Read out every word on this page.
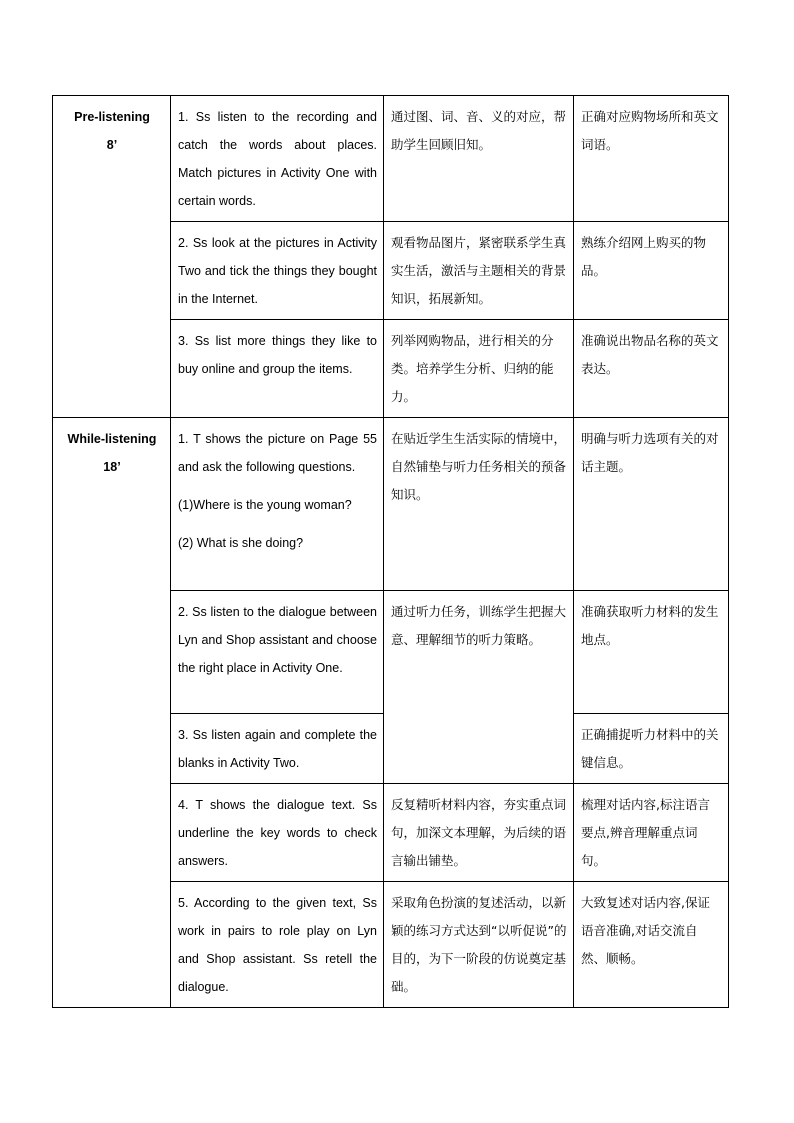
Pre-listening
8’	1. Ss listen to the recording and catch the words about places. Match pictures in Activity One with certain words.	通过图、词、音、义的对应，帮助学生回顾旧知。	正确对应购物场所和英文词语。
	2. Ss look at the pictures in Activity Two and tick the things they bought in the Internet.	观看物品图片，紧密联系学生真实生活，激活与主题相关的背景知识，拓展新知。	熟练介绍网上购买的物品。
	3. Ss list more things they like to buy online and group the items.	列举网购物品，进行相关的分类。培养学生分析、归纳的能力。	准确说出物品名称的英文表达。

While-listening
18’	1. T shows the picture on Page 55 and ask the following questions.
(1)Where is the young woman?
(2) What is she doing?	在贴近学生生活实际的情境中，自然铺垫与听力任务相关的预备知识。	明确与听力选项有关的对话主题。
	2. Ss listen to the dialogue between Lyn and Shop assistant and choose the right place in Activity One.	通过听力任务，训练学生把握大意、理解细节的听力策略。	准确获取听力材料的发生地点。
	3. Ss listen again and complete the blanks in Activity Two.		正确捕捉听力材料中的关键信息。
	4. T shows the dialogue text. Ss underline the key words to check answers.	反复精听材料内容，夯实重点词句，加深文本理解，为后续的语言输出铺垫。	梳理对话内容,标注语言要点,辨音理解重点词句。
	5. According to the given text, Ss work in pairs to role play on Lyn and Shop assistant. Ss retell the dialogue.	采取角色扮演的复述活动，以新颖的练习方式达到“以听促说”的目的，为下一阶段的仿说奠定基础。	大致复述对话内容,保证语音准确,对话交流自然、顺畅。
